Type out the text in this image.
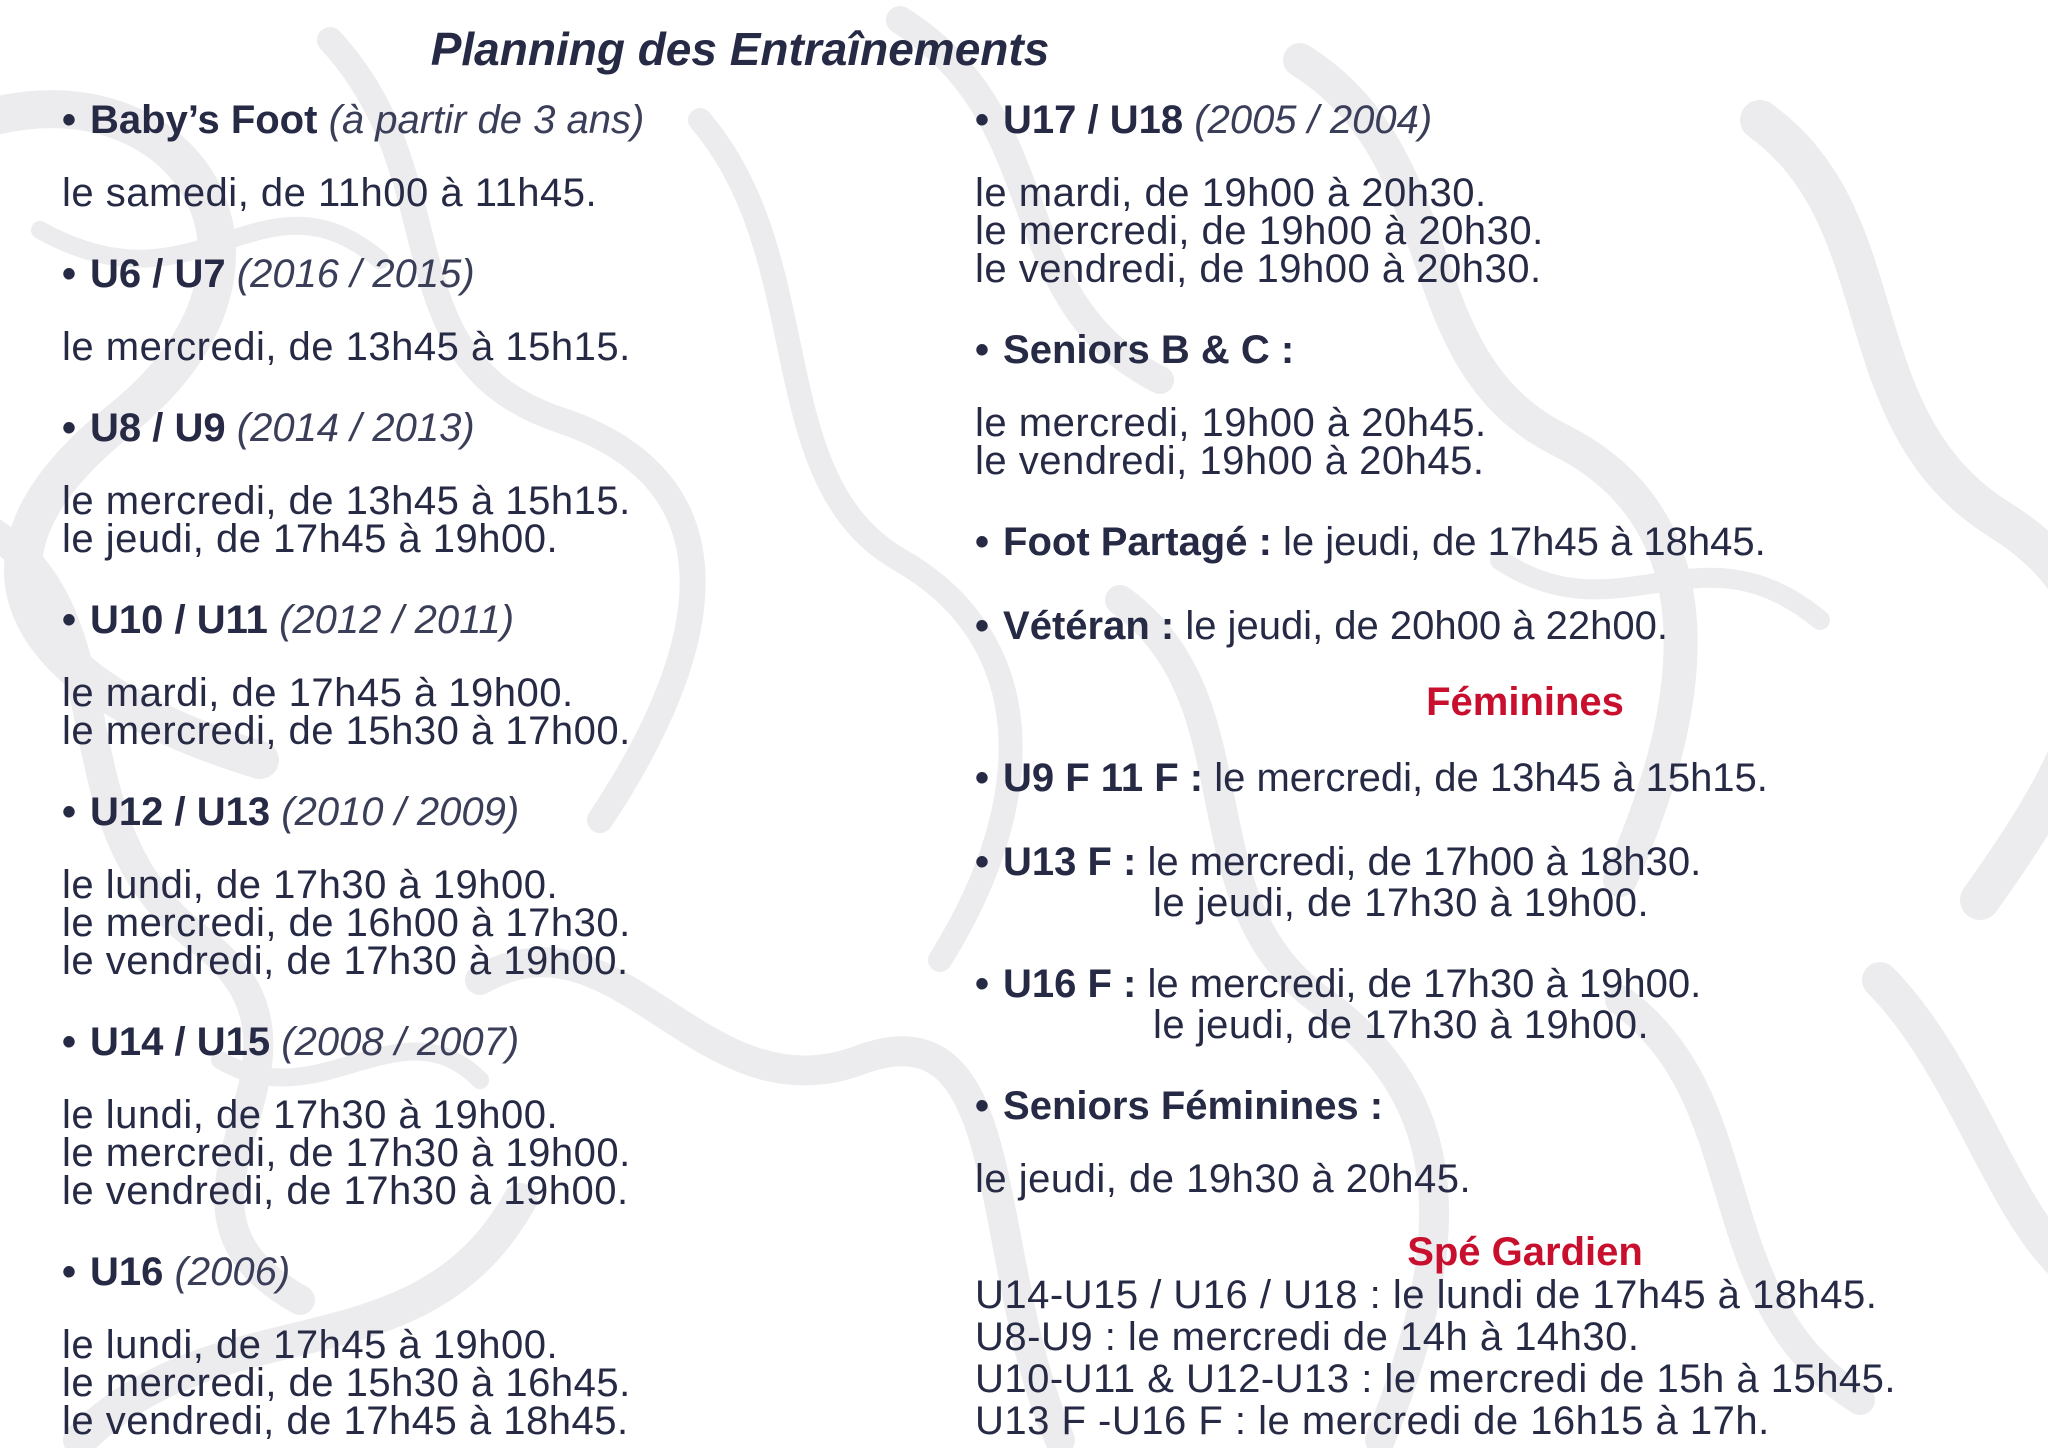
Planning des Entraînements
• Baby’s Foot (à partir de 3 ans)
le samedi, de 11h00 à 11h45.
• U6 / U7 (2016 / 2015)
le mercredi, de 13h45 à 15h15.
• U8 / U9 (2014 / 2013)
le mercredi, de 13h45 à 15h15.
le jeudi, de 17h45 à 19h00.
• U10 / U11 (2012 / 2011)
le mardi, de 17h45 à 19h00.
le mercredi, de 15h30 à 17h00.
• U12 / U13 (2010 / 2009)
le lundi, de 17h30 à 19h00.
le mercredi, de 16h00 à 17h30.
le vendredi, de 17h30 à 19h00.
• U14 / U15 (2008 / 2007)
le lundi, de 17h30 à 19h00.
le mercredi, de 17h30 à 19h00.
le vendredi, de 17h30 à 19h00.
• U16 (2006)
le lundi, de 17h45 à 19h00.
le mercredi, de 15h30 à 16h45.
le vendredi, de 17h45 à 18h45.
• U17 / U18 (2005 / 2004)
le mardi, de 19h00 à 20h30.
le mercredi, de 19h00 à 20h30.
le vendredi, de 19h00 à 20h30.
• Seniors B & C :
le mercredi, 19h00 à 20h45.
le vendredi, 19h00 à 20h45.
• Foot Partagé : le jeudi, de 17h45 à 18h45.
• Vétéran : le jeudi, de 20h00 à 22h00.
Féminines
• U9 F 11 F : le mercredi, de 13h45 à 15h15.
• U13 F : le mercredi, de 17h00 à 18h30.
le jeudi, de 17h30 à 19h00.
• U16 F : le mercredi, de 17h30 à 19h00.
le jeudi, de 17h30 à 19h00.
• Seniors Féminines :
le jeudi, de 19h30 à 20h45.
Spé Gardien
U14-U15 / U16 / U18 : le lundi de 17h45 à 18h45.
U8-U9 : le mercredi de 14h à 14h30.
U10-U11 & U12-U13 : le mercredi de 15h à 15h45.
U13 F -U16 F : le mercredi de 16h15 à 17h.
